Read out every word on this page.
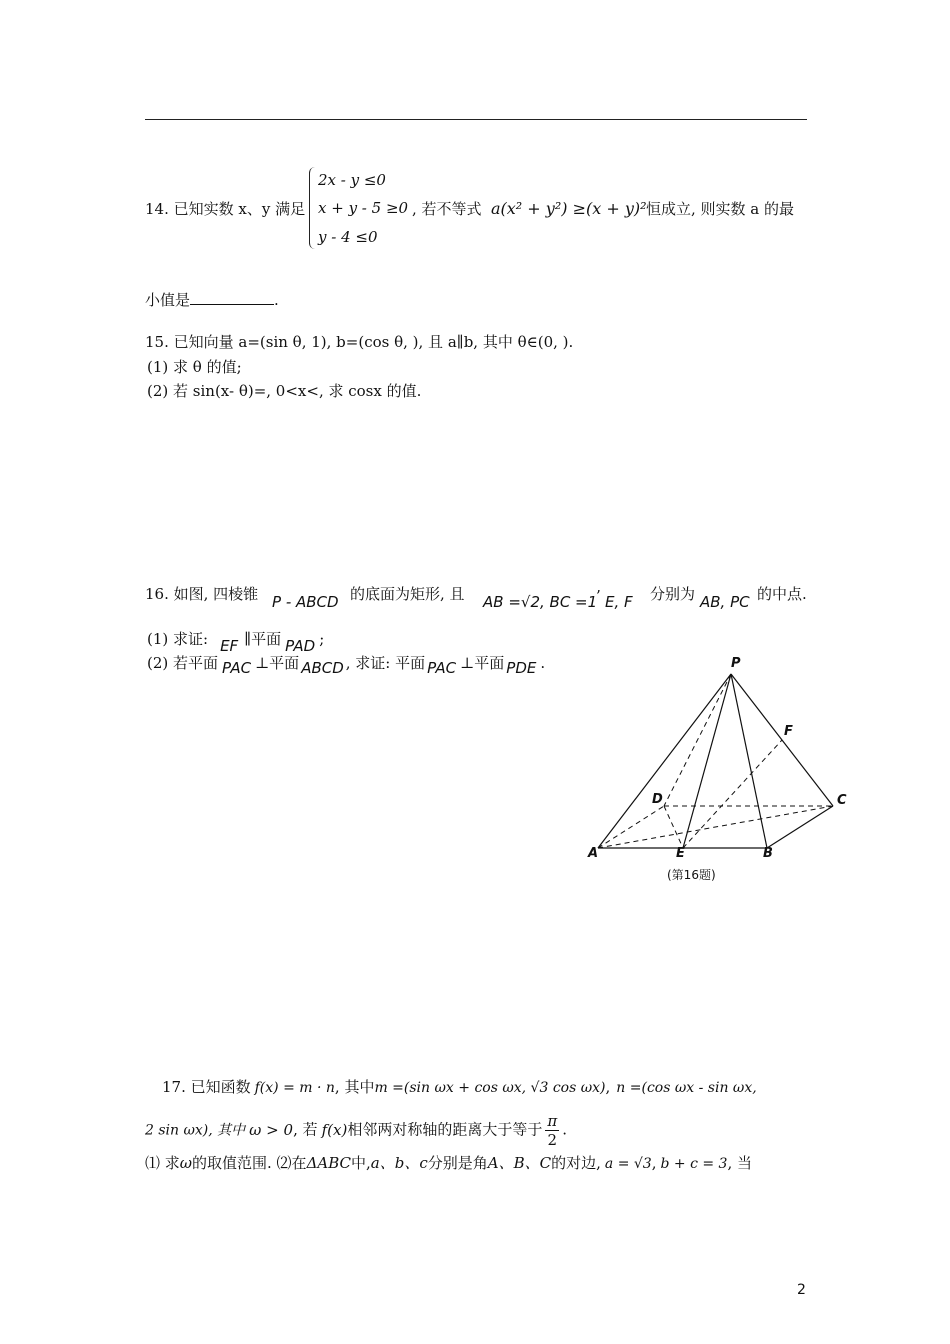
14. 已知实数 x、y 满足
2x - y ≤0
x + y - 5 ≥0
y - 4 ≤0
, 若不等式 a(x² + y²) ≥(x + y)² 恒成立, 则实数 a 的最
小值是	.
15. 已知向量 a=(sin θ, 1), b=(cos θ, ), 且 a∥b, 其中 θ∈(0, ).
(1) 求 θ 的值;
(2) 若 sin(x- θ)=, 0<x<, 求 cosx 的值.
16. 如图, 四棱锥 P - ABCD 的底面为矩形, 且 AB =√2, BC =1
’ E, F 分别为 AB, PC 的中点.
(1) 求证: EF ∥平面 PAD ;
(2) 若平面 PAC ⊥平面 ABCD , 求证: 平面 PAC ⊥平面 PDE .	P
F
D	C
A	E	B
(第16题)
17. 已知函数 f(x) = m · n, 其中m =(sin ωx + cos ωx, √3 cos ωx), n =(cos ωx - sin ωx,
2 sin ωx), 其中 ω > 0, 若 f(x)相邻两对称轴的距离大于等于 $\frac{\pi}{2}$ .
⑴ 求ω的取值范围. ⑵在ΔABC中,a、b、c分别是角A、B、C的对边, a = √3, b + c = 3, 当
2
